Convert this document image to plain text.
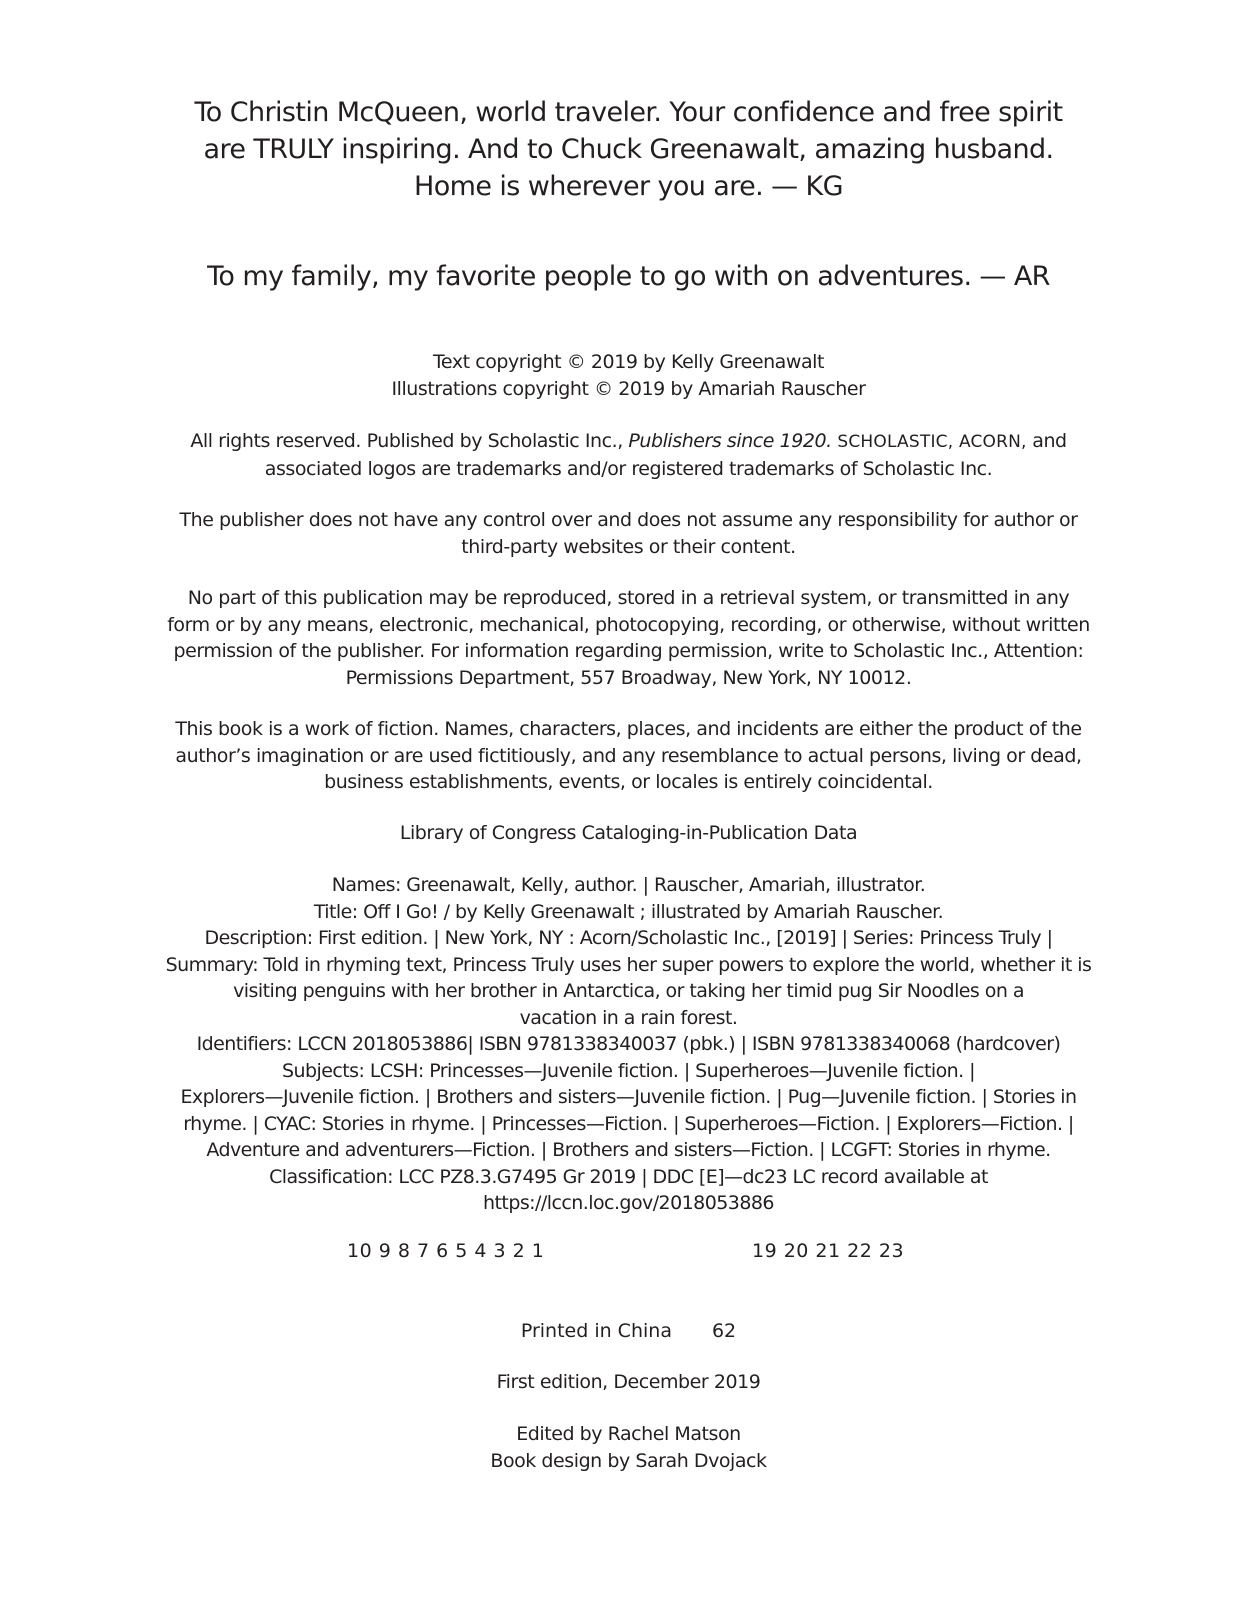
To Christin McQueen, world traveler. Your confidence and free spirit
are TRULY inspiring. And to Chuck Greenawalt, amazing husband.
Home is wherever you are. — KG
To my family, my favorite people to go with on adventures. — AR
Text copyright © 2019 by Kelly Greenawalt
Illustrations copyright © 2019 by Amariah Rauscher
All rights reserved. Published by Scholastic Inc., Publishers since 1920. SCHOLASTIC, ACORN, and
associated logos are trademarks and/or registered trademarks of Scholastic Inc.
The publisher does not have any control over and does not assume any responsibility for author or
third-party websites or their content.
No part of this publication may be reproduced, stored in a retrieval system, or transmitted in any
form or by any means, electronic, mechanical, photocopying, recording, or otherwise, without written
permission of the publisher. For information regarding permission, write to Scholastic Inc., Attention:
Permissions Department, 557 Broadway, New York, NY 10012.
This book is a work of fiction. Names, characters, places, and incidents are either the product of the
author’s imagination or are used fictitiously, and any resemblance to actual persons, living or dead,
business establishments, events, or locales is entirely coincidental.
Library of Congress Cataloging-in-Publication Data
Names: Greenawalt, Kelly, author. | Rauscher, Amariah, illustrator.
Title: Off I Go! / by Kelly Greenawalt ; illustrated by Amariah Rauscher.
Description: First edition. | New York, NY : Acorn/Scholastic Inc., [2019] | Series: Princess Truly |
Summary: Told in rhyming text, Princess Truly uses her super powers to explore the world, whether it is
visiting penguins with her brother in Antarctica, or taking her timid pug Sir Noodles on a
vacation in a rain forest.
Identifiers: LCCN 2018053886| ISBN 9781338340037 (pbk.) | ISBN 9781338340068 (hardcover)
Subjects: LCSH: Princesses—Juvenile fiction. | Superheroes—Juvenile fiction. |
Explorers—Juvenile fiction. | Brothers and sisters—Juvenile fiction. | Pug—Juvenile fiction. | Stories in
rhyme. | CYAC: Stories in rhyme. | Princesses—Fiction. | Superheroes—Fiction. | Explorers—Fiction. |
Adventure and adventurers—Fiction. | Brothers and sisters—Fiction. | LCGFT: Stories in rhyme.
Classification: LCC PZ8.3.G7495 Gr 2019 | DDC [E]—dc23 LC record available at
https://lccn.loc.gov/2018053886
10 9 8 7 6 5 4 3 2 1	19 20 21 22 23
Printed in China 62
First edition, December 2019
Edited by Rachel Matson
Book design by Sarah Dvojack
